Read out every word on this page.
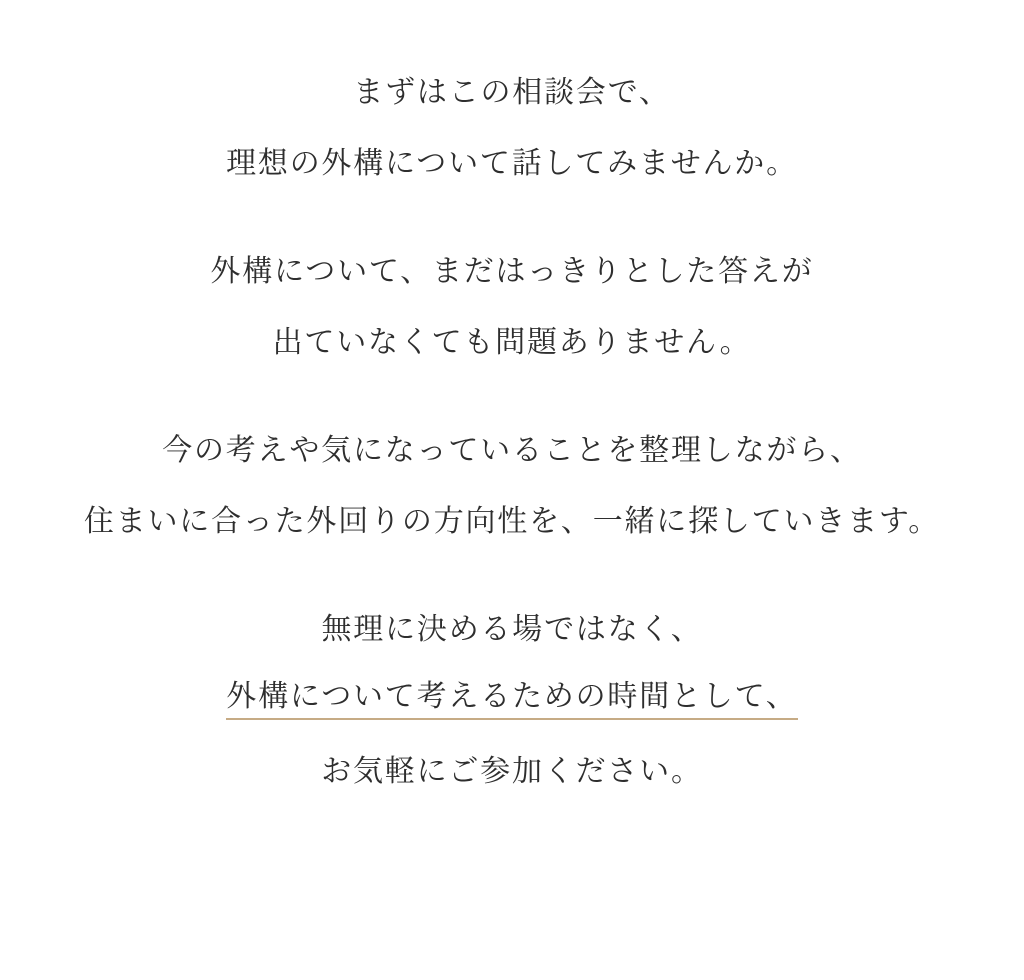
まずはこの相談会で、
理想の外構について話してみませんか。
外構について、まだはっきりとした答えが
出ていなくても問題ありません。
今の考えや気になっていることを整理しながら、
住まいに合った外回りの方向性を、一緒に探していきます。
無理に決める場ではなく、
外構について考えるための時間として、
お気軽にご参加ください。
